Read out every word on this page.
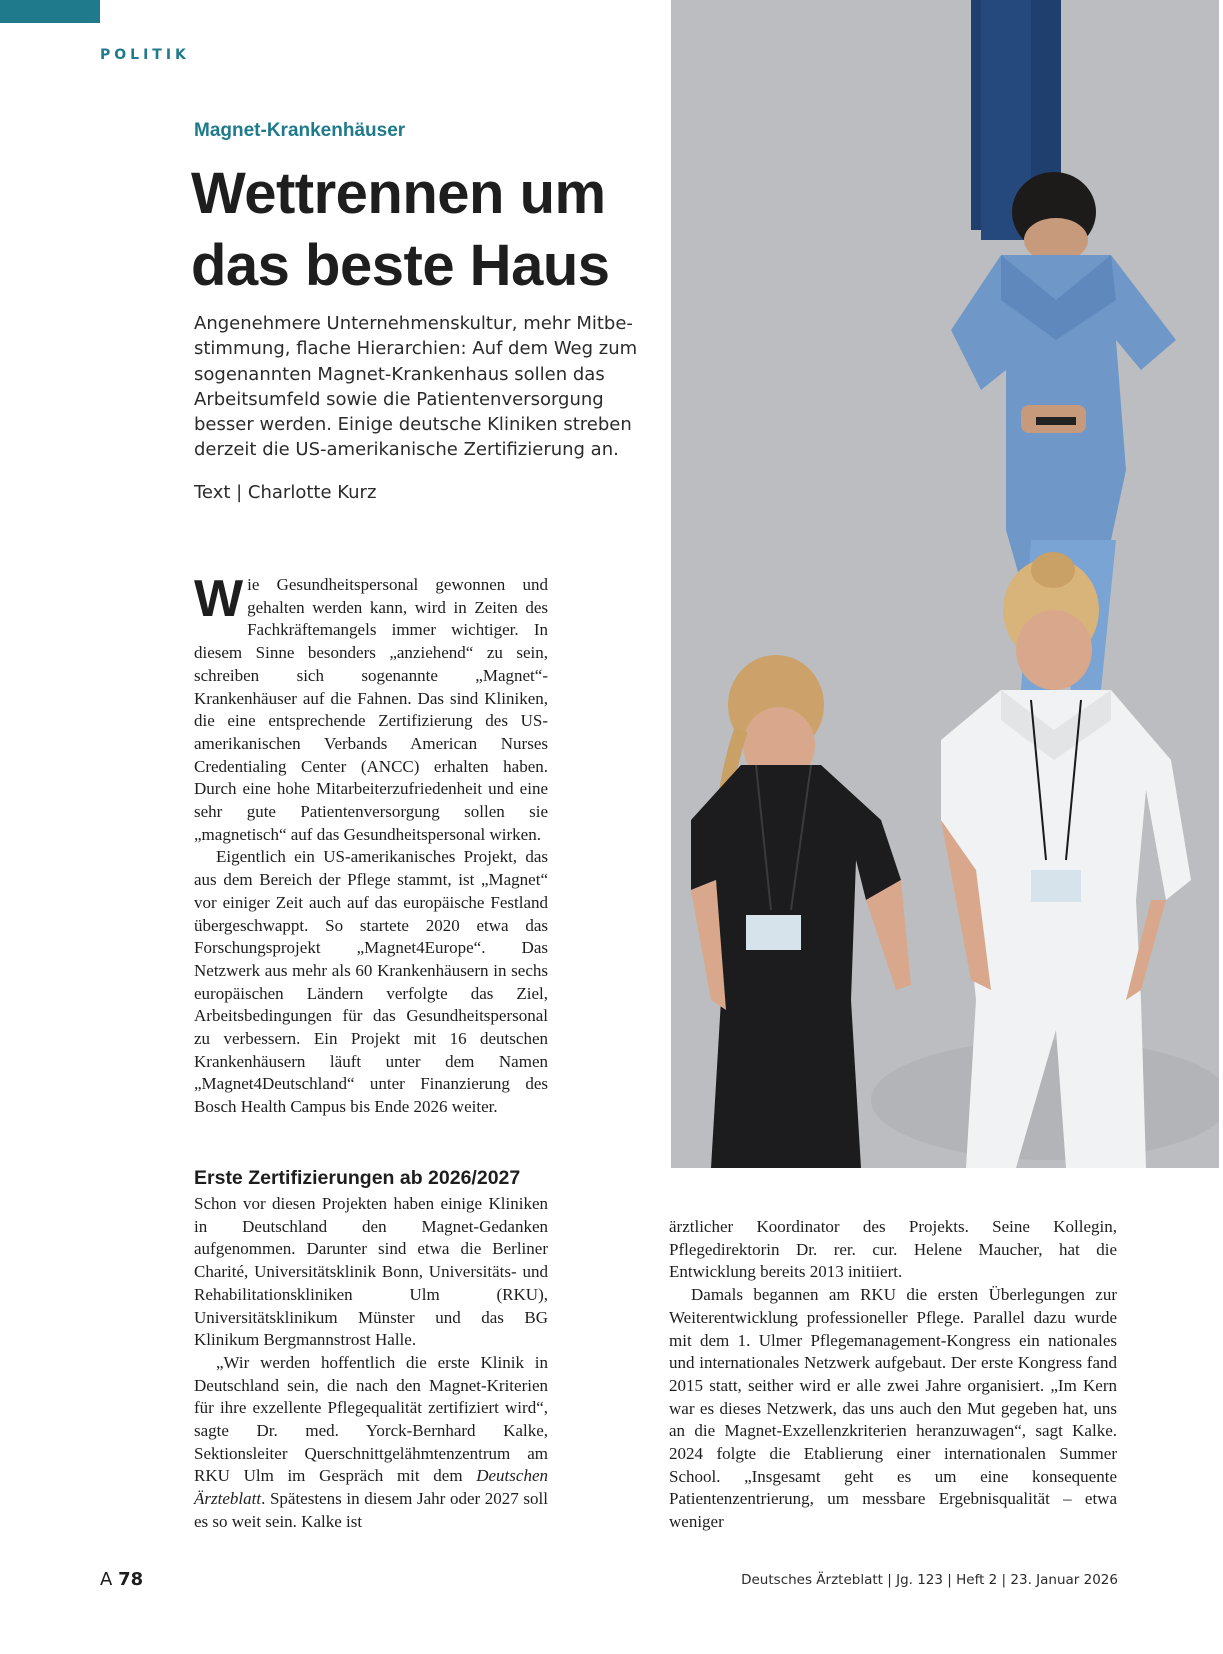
POLITIK
Magnet-Krankenhäuser
Wettrennen um
das beste Haus

Angenehmere Unternehmenskultur, mehr Mitbe-
stimmung, flache Hierarchien: Auf dem Weg zum
sogenannten Magnet-Krankenhaus sollen das
Arbeitsumfeld sowie die Patientenversorgung
besser werden. Einige deutsche Kliniken streben
derzeit die US-amerikanische Zertifizierung an.

Text | Charlotte Kurz
W ie Gesundheitspersonal gewonnen und gehalten werden kann, wird in Zeiten des Fachkräftemangels immer wichtiger. In diesem Sinne besonders „anziehend“ zu sein, schreiben sich sogenannte „Magnet“-Krankenhäuser auf die Fahnen. Das sind Kliniken, die eine entsprechende Zertifizierung des US-amerikanischen Verbands American Nurses Credentialing Center (ANCC) erhalten haben. Durch eine hohe Mitarbeiterzufriedenheit und eine sehr gute Patientenversorgung sollen sie „magnetisch“ auf das Gesundheitspersonal wirken.
Eigentlich ein US-amerikanisches Projekt, das aus dem Bereich der Pflege stammt, ist „Magnet“ vor einiger Zeit auch auf das europäische Festland übergeschwappt. So startete 2020 etwa das Forschungsprojekt „Magnet4Europe“. Das Netzwerk aus mehr als 60 Krankenhäusern in sechs europäischen Ländern verfolgte das Ziel, Arbeitsbedingungen für das Gesundheitspersonal zu verbessern. Ein Projekt mit 16 deutschen Krankenhäusern läuft unter dem Namen „Magnet4Deutschland“ unter Finanzierung des Bosch Health Campus bis Ende 2026 weiter.
Erste Zertifizierungen ab 2026/2027
Schon vor diesen Projekten haben einige Kliniken in Deutschland den Magnet-Gedanken aufgenommen. Darunter sind etwa die Berliner Charité, Universitätsklinik Bonn, Universitäts- und Rehabilitationskliniken Ulm (RKU), Universitätsklinikum Münster und das BG Klinikum Bergmannstrost Halle.
„Wir werden hoffentlich die erste Klinik in Deutschland sein, die nach den Magnet-Kriterien für ihre exzellente Pflegequalität zertifiziert wird“, sagte Dr. med. Yorck-Bernhard Kalke, Sektionsleiter Querschnittgelähmtenzentrum am RKU Ulm im Gespräch mit dem Deutschen Ärzteblatt. Spätestens in diesem Jahr oder 2027 soll es so weit sein. Kalke ist
ärztlicher Koordinator des Projekts. Seine Kollegin, Pflegedirektorin Dr. rer. cur. Helene Maucher, hat die Entwicklung bereits 2013 initiiert.
Damals begannen am RKU die ersten Überlegungen zur Weiterentwicklung professioneller Pflege. Parallel dazu wurde mit dem 1. Ulmer Pflegemanagement-Kongress ein nationales und internationales Netzwerk aufgebaut. Der erste Kongress fand 2015 statt, seither wird er alle zwei Jahre organisiert. „Im Kern war es dieses Netzwerk, das uns auch den Mut gegeben hat, uns an die Magnet-Exzellenzkriterien heranzuwagen“, sagt Kalke. 2024 folgte die Etablierung einer internationalen Summer School. „Insgesamt geht es um eine konsequente Patientenzentrierung, um messbare Ergebnisqualität – etwa weniger
A 78	Deutsches Ärzteblatt | Jg. 123 | Heft 2 | 23. Januar 2026
